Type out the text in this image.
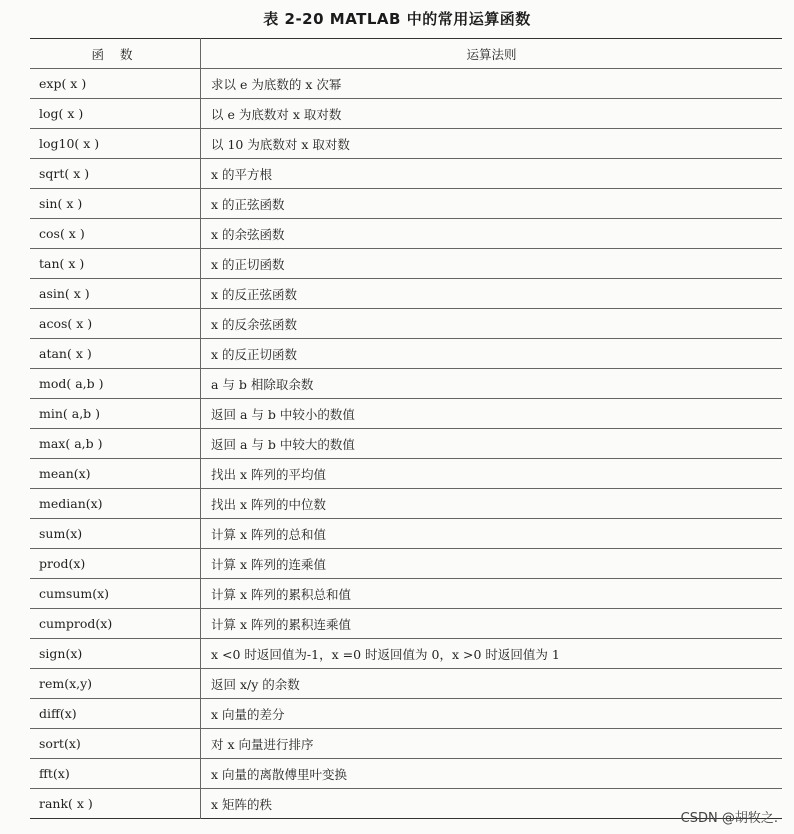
表 2-20 MATLAB 中的常用运算函数
函 数	运算法则
exp( x )	求以 e 为底数的 x 次幂
log( x )	以 e 为底数对 x 取对数
log10( x )	以 10 为底数对 x 取对数
sqrt( x )	x 的平方根
sin( x )	x 的正弦函数
cos( x )	x 的余弦函数
tan( x )	x 的正切函数
asin( x )	x 的反正弦函数
acos( x )	x 的反余弦函数
atan( x )	x 的反正切函数
mod( a,b )	a 与 b 相除取余数
min( a,b )	返回 a 与 b 中较小的数值
max( a,b )	返回 a 与 b 中较大的数值
mean(x)	找出 x 阵列的平均值
median(x)	找出 x 阵列的中位数
sum(x)	计算 x 阵列的总和值
prod(x)	计算 x 阵列的连乘值
cumsum(x)	计算 x 阵列的累积总和值
cumprod(x)	计算 x 阵列的累积连乘值
sign(x)	x <0 时返回值为-1，x =0 时返回值为 0，x >0 时返回值为 1
rem(x,y)	返回 x/y 的余数
diff(x)	x 向量的差分
sort(x)	对 x 向量进行排序
fft(x)	x 向量的离散傅里叶变换
rank( x )	x 矩阵的秩
CSDN @胡牧之.
